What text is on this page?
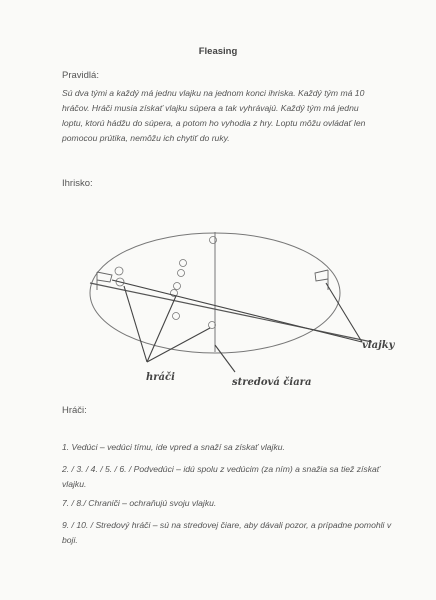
Fleasing
Pravidlá:
Sú dva tými a každý má jednu vlajku na jednom konci ihriska. Každý tým má 10 hráčov. Hráči musia získať vlajku súpera a tak vyhrávajú. Každý tým má jednu loptu, ktorú hádžu do súpera, a potom ho vyhodia z hry. Loptu môžu ovládať len pomocou prútika, nemôžu ich chytiť do ruky.
Ihrisko:
hráči
vlajky
stredová čiara
Hráči:
1. Vedúci – vedúci tímu, ide vpred a snaží sa získať vlajku.
2. / 3. / 4. / 5. / 6. / Podvedúci – idú spolu z vedúcim (za ním) a snažia sa tiež získať vlajku.
7. / 8./ Chraniči – ochraňujú svoju vlajku.
9. / 10. / Stredový hráči – sú na stredovej čiare, aby dávali pozor, a prípadne pomohli v boji.
